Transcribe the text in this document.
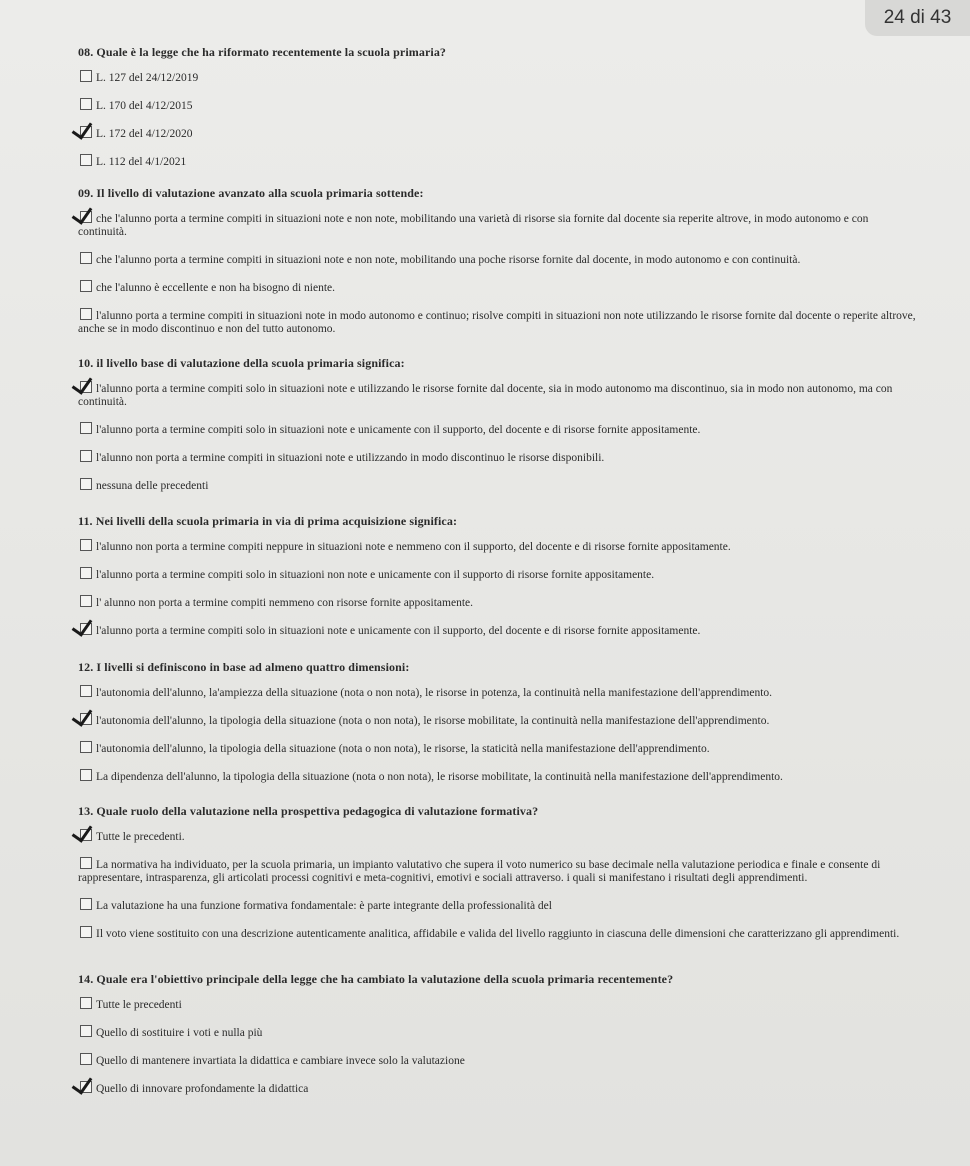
24 di 43
08. Quale è la legge che ha riformato recentemente la scuola primaria?
L. 127 del 24/12/2019
L. 170 del 4/12/2015
L. 172 del 4/12/2020
L. 112 del 4/1/2021
09. Il livello di valutazione avanzato alla scuola primaria sottende:
che l'alunno porta a termine compiti in situazioni note e non note, mobilitando una varietà di risorse sia fornite dal docente sia reperite altrove, in modo autonomo e con continuità.
che l'alunno porta a termine compiti in situazioni note e non note, mobilitando una poche risorse fornite dal docente, in modo autonomo e con continuità.
che l'alunno è eccellente e non ha bisogno di niente.
l'alunno porta a termine compiti in situazioni note in modo autonomo e continuo; risolve compiti in situazioni non note utilizzando le risorse fornite dal docente o reperite altrove, anche se in modo discontinuo e non del tutto autonomo.
10. il livello base di valutazione della scuola primaria significa:
l'alunno porta a termine compiti solo in situazioni note e utilizzando le risorse fornite dal docente, sia in modo autonomo ma discontinuo, sia in modo non autonomo, ma con continuità.
l'alunno porta a termine compiti solo in situazioni note e unicamente con il supporto, del docente e di risorse fornite appositamente.
l'alunno non porta a termine compiti in situazioni note e utilizzando in modo discontinuo le risorse disponibili.
nessuna delle precedenti
11. Nei livelli della scuola primaria in via di prima acquisizione significa:
l'alunno non porta a termine compiti neppure in situazioni note e nemmeno con il supporto, del docente e di risorse fornite appositamente.
l'alunno porta a termine compiti solo in situazioni non note e unicamente con il supporto di risorse fornite appositamente.
l' alunno non porta a termine compiti nemmeno con risorse fornite appositamente.
l'alunno porta a termine compiti solo in situazioni note e unicamente con il supporto, del docente e di risorse fornite appositamente.
12. I livelli si definiscono in base ad almeno quattro dimensioni:
l'autonomia dell'alunno, la'ampiezza della situazione (nota o non nota), le risorse in potenza, la continuità nella manifestazione dell'apprendimento.
l'autonomia dell'alunno, la tipologia della situazione (nota o non nota), le risorse mobilitate, la continuità nella manifestazione dell'apprendimento.
l'autonomia dell'alunno, la tipologia della situazione (nota o non nota), le risorse, la staticità nella manifestazione dell'apprendimento.
La dipendenza dell'alunno, la tipologia della situazione (nota o non nota), le risorse mobilitate, la continuità nella manifestazione dell'apprendimento.
13. Quale ruolo della valutazione nella prospettiva pedagogica di valutazione formativa?
Tutte le precedenti.
La normativa ha individuato, per la scuola primaria, un impianto valutativo che supera il voto numerico su base decimale nella valutazione periodica e finale e consente di rappresentare, intrasparenza, gli articolati processi cognitivi e meta-cognitivi, emotivi e sociali attraverso. i quali si manifestano i risultati degli apprendimenti.
La valutazione ha una funzione formativa fondamentale: è parte integrante della professionalità del
Il voto viene sostituito con una descrizione autenticamente analitica, affidabile e valida del livello raggiunto in ciascuna delle dimensioni che caratterizzano gli apprendimenti.
14. Quale era l'obiettivo principale della legge che ha cambiato la valutazione della scuola primaria recentemente?
Tutte le precedenti
Quello di sostituire i voti e nulla più
Quello di mantenere invartiata la didattica e cambiare invece solo la valutazione
Quello di innovare profondamente la didattica
